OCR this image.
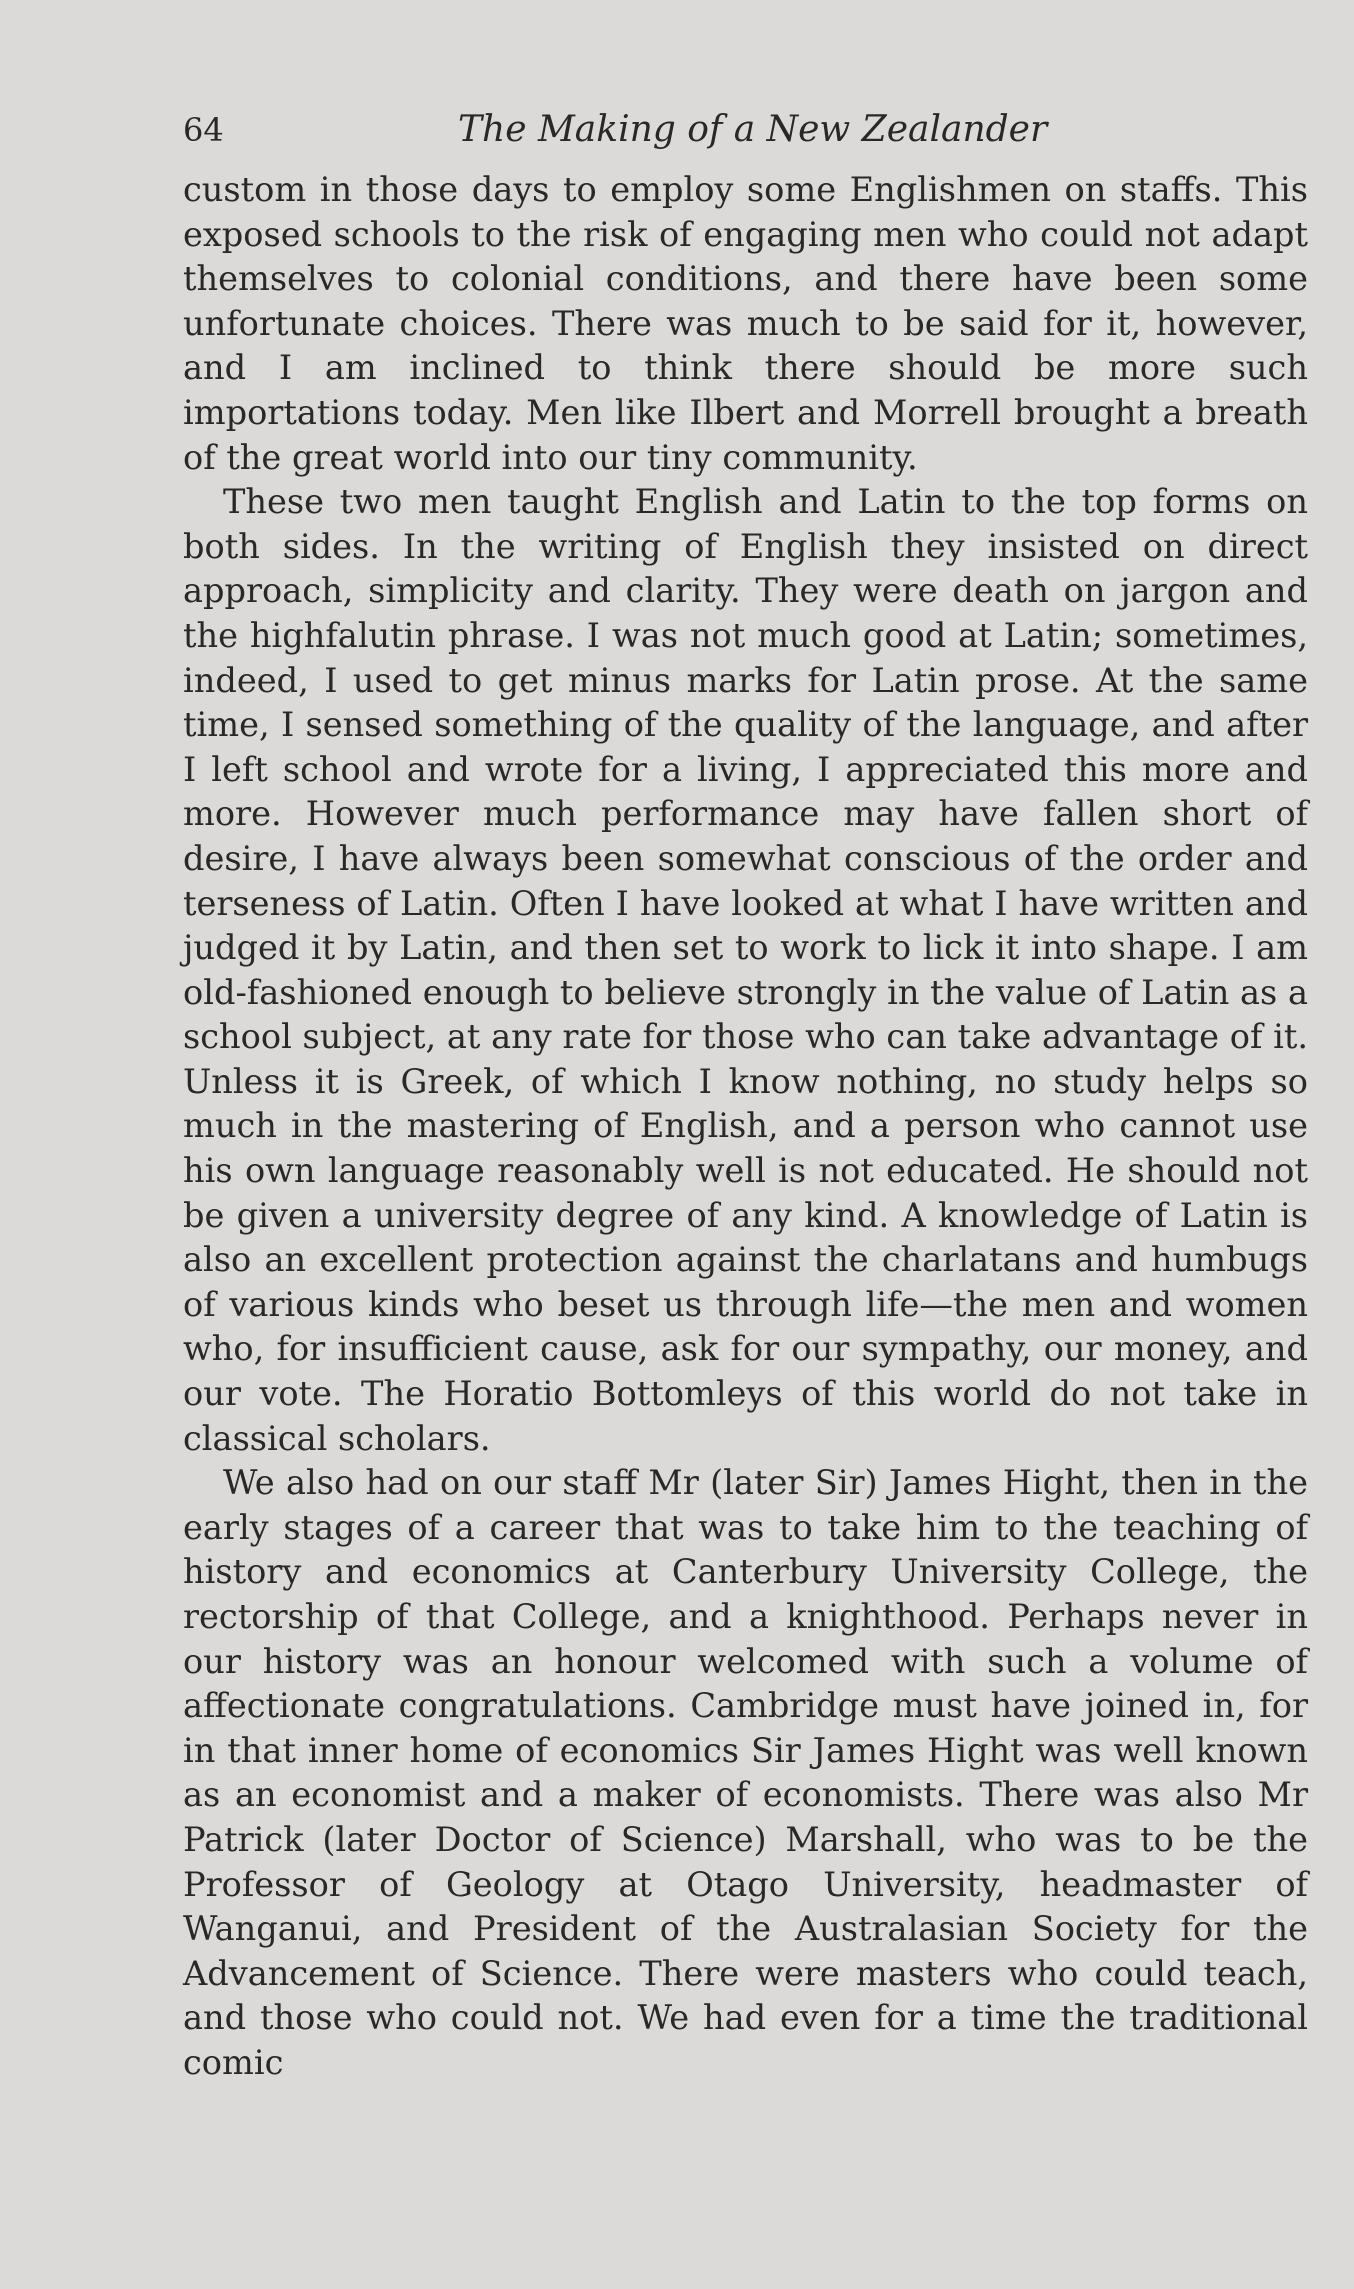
64	The Making of a New Zealander

custom in those days to employ some Englishmen on staffs. This exposed schools to the risk of engaging men who could not adapt themselves to colonial conditions, and there have been some unfortunate choices. There was much to be said for it, however, and I am inclined to think there should be more such importations today. Men like Ilbert and Morrell brought a breath of the great world into our tiny community.

These two men taught English and Latin to the top forms on both sides. In the writing of English they insisted on direct approach, simplicity and clarity. They were death on jargon and the highfalutin phrase. I was not much good at Latin; sometimes, indeed, I used to get minus marks for Latin prose. At the same time, I sensed something of the quality of the language, and after I left school and wrote for a living, I appreciated this more and more. However much performance may have fallen short of desire, I have always been somewhat conscious of the order and terseness of Latin. Often I have looked at what I have written and judged it by Latin, and then set to work to lick it into shape. I am old-fashioned enough to believe strongly in the value of Latin as a school subject, at any rate for those who can take advantage of it. Unless it is Greek, of which I know nothing, no study helps so much in the mastering of English, and a person who cannot use his own language reasonably well is not educated. He should not be given a university degree of any kind. A knowledge of Latin is also an excellent protection against the charlatans and humbugs of various kinds who beset us through life—the men and women who, for insufficient cause, ask for our sympathy, our money, and our vote. The Horatio Bottomleys of this world do not take in classical scholars.

We also had on our staff Mr (later Sir) James Hight, then in the early stages of a career that was to take him to the teaching of history and economics at Canterbury University College, the rectorship of that College, and a knighthood. Perhaps never in our history was an honour welcomed with such a volume of affectionate congratulations. Cambridge must have joined in, for in that inner home of economics Sir James Hight was well known as an economist and a maker of economists. There was also Mr Patrick (later Doctor of Science) Marshall, who was to be the Professor of Geology at Otago University, headmaster of Wanganui, and President of the Australasian Society for the Advancement of Science. There were masters who could teach, and those who could not. We had even for a time the traditional comic
